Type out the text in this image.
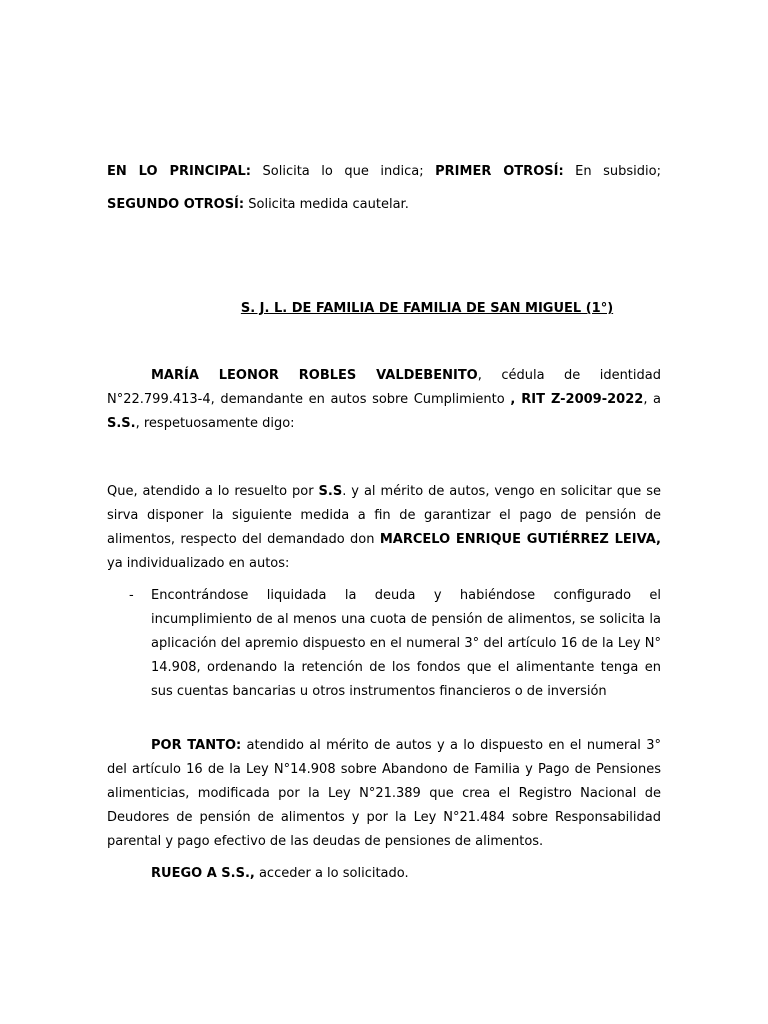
EN LO PRINCIPAL: Solicita lo que indica; PRIMER OTROSÍ: En subsidio; SEGUNDO OTROSÍ: Solicita medida cautelar.
S. J. L. DE FAMILIA DE FAMILIA DE SAN MIGUEL (1°)
MARÍA LEONOR ROBLES VALDEBENITO, cédula de identidad N°22.799.413-4, demandante en autos sobre Cumplimiento , RIT Z-2009-2022, a S.S., respetuosamente digo:
Que, atendido a lo resuelto por S.S. y al mérito de autos, vengo en solicitar que se sirva disponer la siguiente medida a fin de garantizar el pago de pensión de alimentos, respecto del demandado don MARCELO ENRIQUE GUTIÉRREZ LEIVA, ya individualizado en autos:
- Encontrándose liquidada la deuda y habiéndose configurado el incumplimiento de al menos una cuota de pensión de alimentos, se solicita la aplicación del apremio dispuesto en el numeral 3° del artículo 16 de la Ley N° 14.908, ordenando la retención de los fondos que el alimentante tenga en sus cuentas bancarias u otros instrumentos financieros o de inversión
POR TANTO: atendido al mérito de autos y a lo dispuesto en el numeral 3° del artículo 16 de la Ley N°14.908 sobre Abandono de Familia y Pago de Pensiones alimenticias, modificada por la Ley N°21.389 que crea el Registro Nacional de Deudores de pensión de alimentos y por la Ley N°21.484 sobre Responsabilidad parental y pago efectivo de las deudas de pensiones de alimentos.
RUEGO A S.S., acceder a lo solicitado.
